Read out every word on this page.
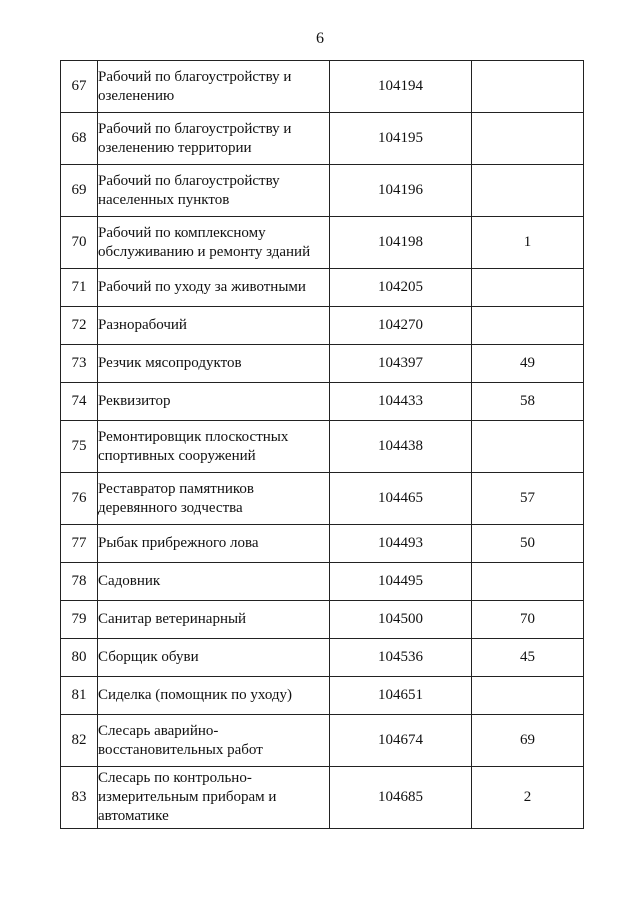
6
67	Рабочий по благоустройству и озеленению	104194	
68	Рабочий по благоустройству и озеленению территории	104195	
69	Рабочий по благоустройству населенных пунктов	104196	
70	Рабочий по комплексному обслуживанию и ремонту зданий	104198	1
71	Рабочий по уходу за животными	104205	
72	Разнорабочий	104270	
73	Резчик мясопродуктов	104397	49
74	Реквизитор	104433	58
75	Ремонтировщик плоскостных спортивных сооружений	104438	
76	Реставратор памятников деревянного зодчества	104465	57
77	Рыбак прибрежного лова	104493	50
78	Садовник	104495	
79	Санитар ветеринарный	104500	70
80	Сборщик обуви	104536	45
81	Сиделка (помощник по уходу)	104651	
82	Слесарь аварийно-восстановительных работ	104674	69
83	Слесарь по контрольно-измерительным приборам и автоматике	104685	2
